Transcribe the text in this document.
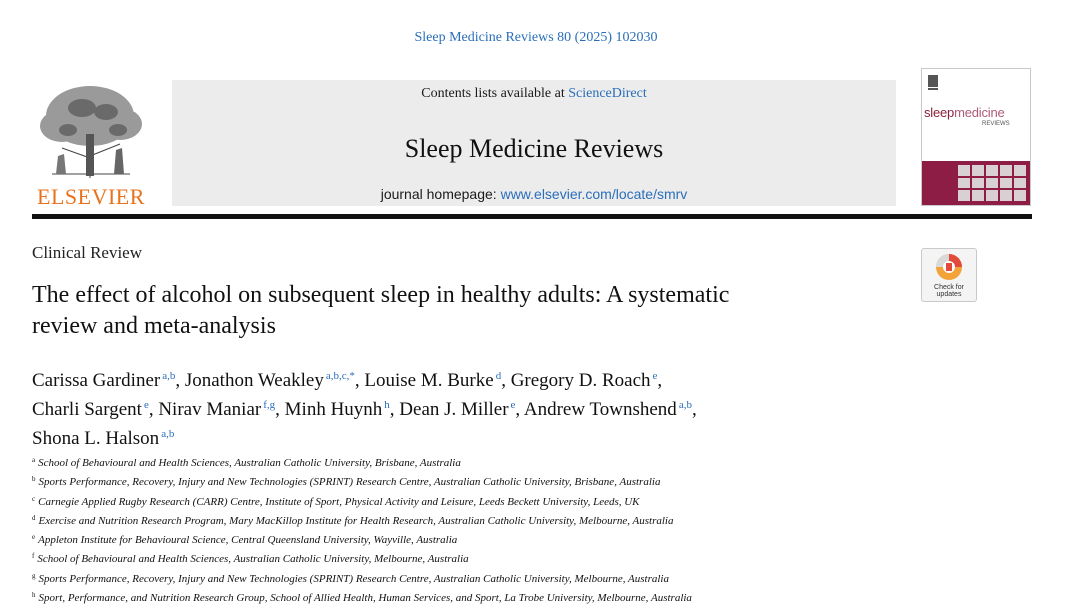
Sleep Medicine Reviews 80 (2025) 102030
ELSEVIER
Contents lists available at ScienceDirect
Sleep Medicine Reviews
journal homepage: www.elsevier.com/locate/smrv
sleepmedicine
REVIEWS
Clinical Review
Check for
updates
The effect of alcohol on subsequent sleep in healthy adults: A systematic
review and meta-analysis
Carissa Gardiner $^{a,b}$, Jonathon Weakley $^{a,b,c,*}$, Louise M. Burke $^d$, Gregory D. Roach $^e$,
Charli Sargent $^e$, Nirav Maniar $^{f,g}$, Minh Huynh $^h$, Dean J. Miller $^e$, Andrew Townshend $^{a,b}$,
Shona L. Halson $^{a,b}$
$^a$ School of Behavioural and Health Sciences, Australian Catholic University, Brisbane, Australia
$^b$ Sports Performance, Recovery, Injury and New Technologies (SPRINT) Research Centre, Australian Catholic University, Brisbane, Australia
$^c$ Carnegie Applied Rugby Research (CARR) Centre, Institute of Sport, Physical Activity and Leisure, Leeds Beckett University, Leeds, UK
$^d$ Exercise and Nutrition Research Program, Mary MacKillop Institute for Health Research, Australian Catholic University, Melbourne, Australia
$^e$ Appleton Institute for Behavioural Science, Central Queensland University, Wayville, Australia
$^f$ School of Behavioural and Health Sciences, Australian Catholic University, Melbourne, Australia
$^g$ Sports Performance, Recovery, Injury and New Technologies (SPRINT) Research Centre, Australian Catholic University, Melbourne, Australia
$^h$ Sport, Performance, and Nutrition Research Group, School of Allied Health, Human Services, and Sport, La Trobe University, Melbourne, Australia
